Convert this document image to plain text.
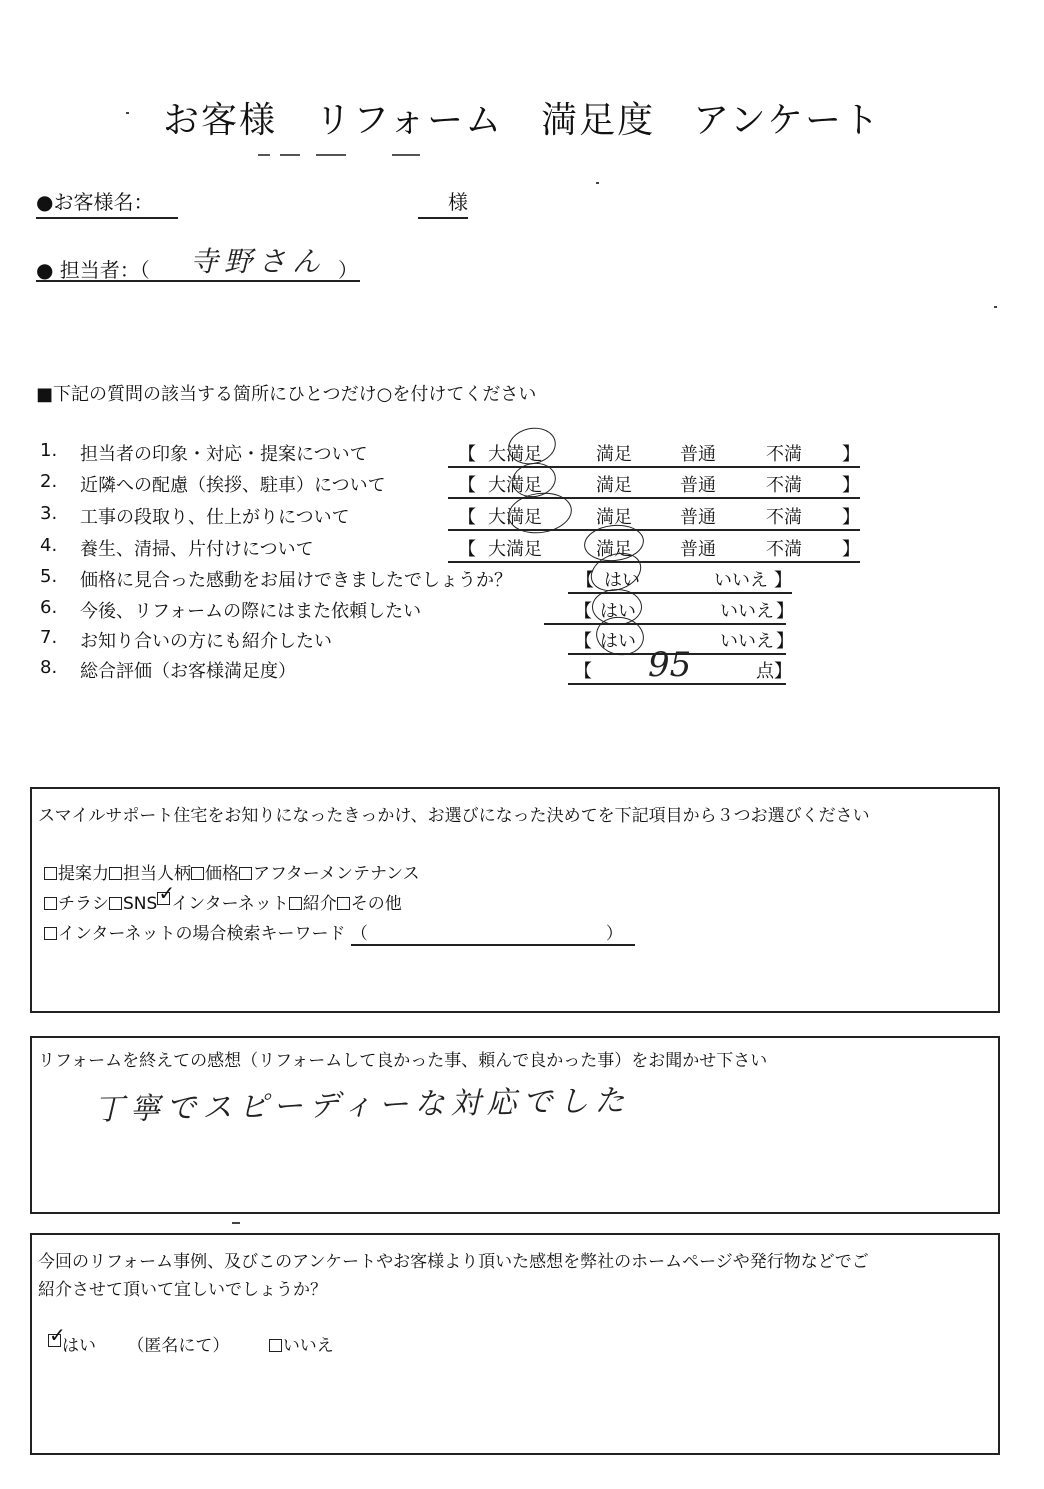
お客様　リフォーム　満足度　アンケート
●お客様名：	様
● 担当者：（ 寺野さん ）
■下記の質問の該当する箇所にひとつだけ○を付けてください
1. 担当者の印象・対応・提案について	【 大満足	満足	普通	不満 】
2. 近隣への配慮（挨拶、駐車）について	【 大満足	満足	普通	不満 】
3. 工事の段取り、仕上がりについて	【 大満足	満足	普通	不満 】
4. 養生、清掃、片付けについて	【 大満足	満足	普通	不満 】
5. 価格に見合った感動をお届けできましたでしょうか？	【 はい	いいえ 】
6. 今後、リフォームの際にはまた依頼したい	【 はい	いいえ 】
7. お知り合いの方にも紹介したい	【 はい	いいえ 】
8. 総合評価（お客様満足度）	【 95	点】
スマイルサポート住宅をお知りになったきっかけ、お選びになった決めてを下記項目から３つお選びください
提案力 担当人柄 価格 アフターメンテナンス
チラシ SNS✓ インターネット 紹介 その他
インターネットの場合検索キーワード （	）
リフォームを終えての感想（リフォームして良かった事、頼んで良かった事）をお聞かせ下さい
丁寧でスピーディーな対応でした
今回のリフォーム事例、及びこのアンケートやお客様より頂いた感想を弊社のホームページや発行物などでご
紹介させて頂いて宜しいでしょうか？
✓はい （匿名にて）	いいえ
